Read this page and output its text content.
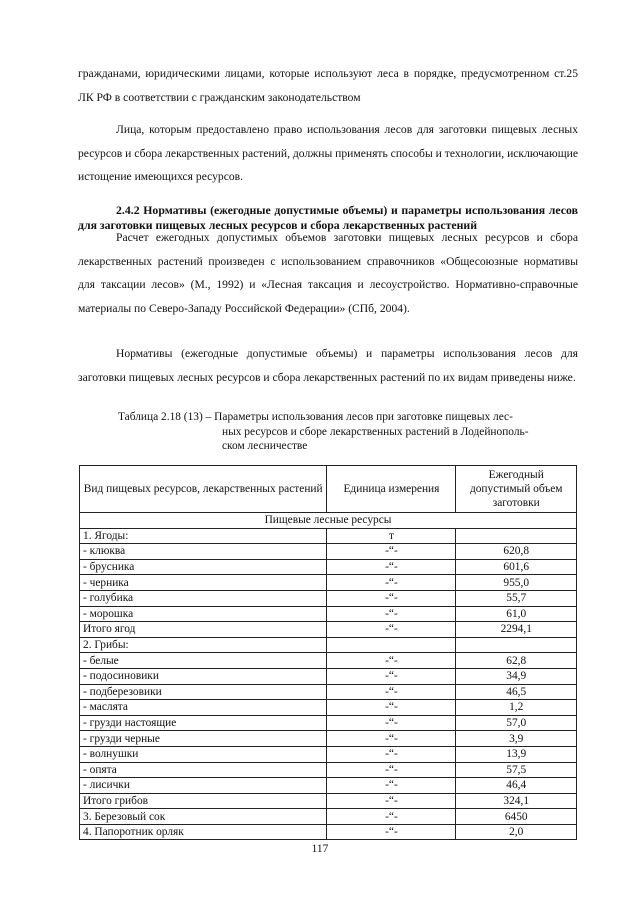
гражданами, юридическими лицами, которые используют леса в порядке, предусмотренном ст.25 ЛК РФ в соответствии с гражданским законодательством

Лица, которым предоставлено право использования лесов для заготовки пищевых лесных ресурсов и сбора лекарственных растений, должны применять способы и технологии, исключающие истощение имеющихся ресурсов.

2.4.2 Нормативы (ежегодные допустимые объемы) и параметры использования лесов для заготовки пищевых лесных ресурсов и сбора лекарственных растений

Расчет ежегодных допустимых объемов заготовки пищевых лесных ресурсов и сбора лекарственных растений произведен с использованием справочников «Общесоюзные нормативы для таксации лесов» (М., 1992) и «Лесная таксация и лесоустройство. Нормативно-справочные материалы по Северо-Западу Российской Федерации» (СПб, 2004).

Нормативы (ежегодные допустимые объемы) и параметры использования лесов для заготовки пищевых лесных ресурсов и сбора лекарственных растений по их видам приведены ниже.

Таблица 2.18 (13) – Параметры использования лесов при заготовке пищевых лес-
ных ресурсов и сборе лекарственных растений в Лодейнополь-
ском лесничестве
Вид пищевых ресурсов, лекарственных растений	Единица измерения	Ежегодный допустимый объем заготовки
Пищевые лесные ресурсы		
1. Ягоды:	т	
- клюква	-“-	620,8
- брусника	-“-	601,6
- черника	-“-	955,0
- голубика	-“-	55,7
- морошка	-“-	61,0
Итого ягод	-“-	2294,1
2. Грибы:		
- белые	-“-	62,8
- подосиновики	-“-	34,9
- подберезовики	-“-	46,5
- маслята	-“-	1,2
- грузди настоящие	-“-	57,0
- грузди черные	-“-	3,9
- волнушки	-“-	13,9
- опята	-“-	57,5
- лисички	-“-	46,4
Итого грибов	-“-	324,1
3. Березовый сок	-“-	6450
4. Папоротник орляк	-“-	2,0
117
